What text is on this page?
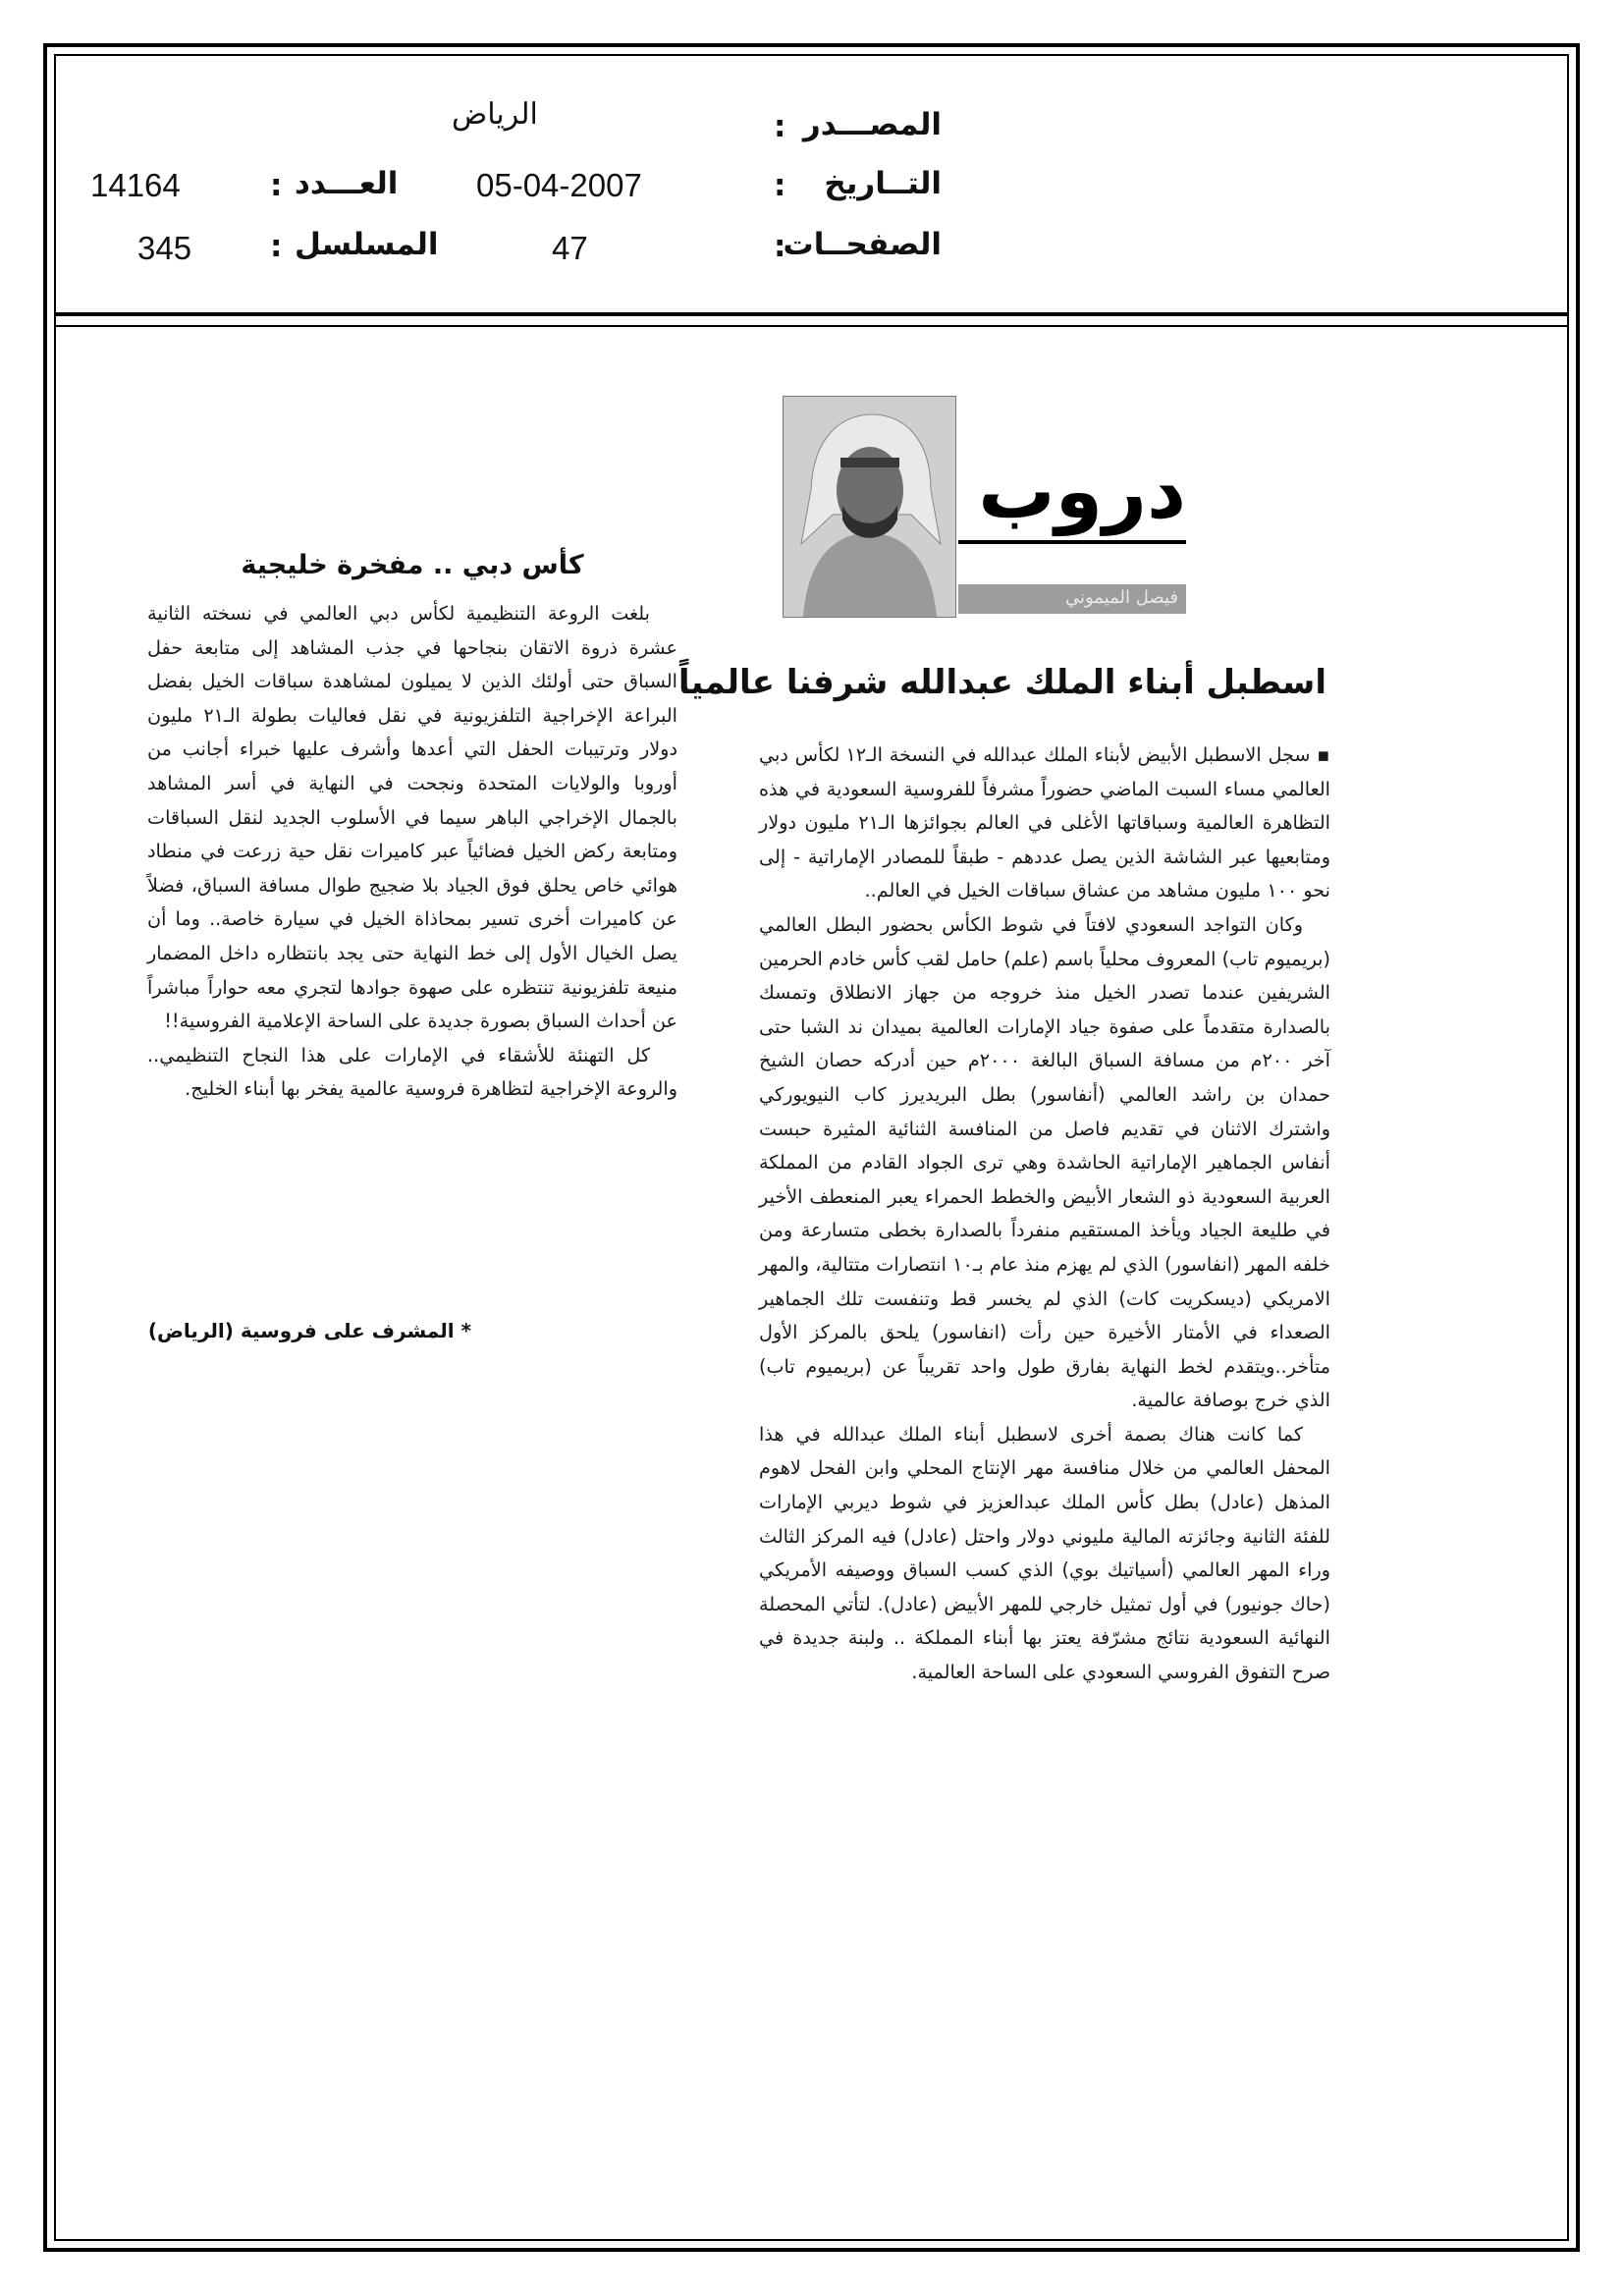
المصـــدر
:
الرياض
التــاريخ
:
05-04-2007
الصفحــات
:
47
العـــدد
:
14164
المسلسل
:
345
دروب
فيصل الميموني
اسطبل أبناء الملك عبدالله شرفنا عالمياً

▪ سجل الاسطبل الأبيض لأبناء الملك عبدالله في النسخة الـ١٢ لكأس دبي العالمي مساء السبت الماضي حضوراً مشرفاً للفروسية السعودية في هذه التظاهرة العالمية وسباقاتها الأغلى في العالم بجوائزها الـ٢١ مليون دولار ومتابعيها عبر الشاشة الذين يصل عددهم - طبقاً للمصادر الإماراتية - إلى نحو ١٠٠ مليون مشاهد من عشاق سباقات الخيل في العالم..

وكان التواجد السعودي لافتاً في شوط الكأس بحضور البطل العالمي (بريميوم تاب) المعروف محلياً باسم (علم) حامل لقب كأس خادم الحرمين الشريفين عندما تصدر الخيل منذ خروجه من جهاز الانطلاق وتمسك بالصدارة متقدماً على صفوة جياد الإمارات العالمية بميدان ند الشبا حتى آخر ٢٠٠م من مسافة السباق البالغة ٢٠٠٠م حين أدركه حصان الشيخ حمدان بن راشد العالمي (أنفاسور) بطل البريديرز كاب النيويوركي واشترك الاثنان في تقديم فاصل من المنافسة الثنائية المثيرة حبست أنفاس الجماهير الإماراتية الحاشدة وهي ترى الجواد القادم من المملكة العربية السعودية ذو الشعار الأبيض والخطط الحمراء يعبر المنعطف الأخير في طليعة الجياد ويأخذ المستقيم منفرداً بالصدارة بخطى متسارعة ومن خلفه المهر (انفاسور) الذي لم يهزم منذ عام بـ١٠ انتصارات متتالية، والمهر الامريكي (ديسكريت كات) الذي لم يخسر قط وتنفست تلك الجماهير الصعداء في الأمتار الأخيرة حين رأت (انفاسور) يلحق بالمركز الأول متأخر..ويتقدم لخط النهاية بفارق طول واحد تقريباً عن (بريميوم تاب) الذي خرج بوصافة عالمية.

كما كانت هناك بصمة أخرى لاسطبل أبناء الملك عبدالله في هذا المحفل العالمي من خلال منافسة مهر الإنتاج المحلي وابن الفحل لاهوم المذهل (عادل) بطل كأس الملك عبدالعزيز في شوط ديربي الإمارات للفئة الثانية وجائزته المالية مليوني دولار واحتل (عادل) فيه المركز الثالث وراء المهر العالمي (أسياتيك بوي) الذي كسب السباق ووصيفه الأمريكي (حاك جونيور) في أول تمثيل خارجي للمهر الأبيض (عادل). لتأتي المحصلة النهائية السعودية نتائج مشرّفة يعتز بها أبناء المملكة .. ولبنة جديدة في صرح التفوق الفروسي السعودي على الساحة العالمية.

كأس دبي .. مفخرة خليجية

بلغت الروعة التنظيمية لكأس دبي العالمي في نسخته الثانية عشرة ذروة الاتقان بنجاحها في جذب المشاهد إلى متابعة حفل السباق حتى أولئك الذين لا يميلون لمشاهدة سباقات الخيل بفضل البراعة الإخراجية التلفزيونية في نقل فعاليات بطولة الـ٢١ مليون دولار وترتيبات الحفل التي أعدها وأشرف عليها خبراء أجانب من أوروبا والولايات المتحدة ونجحت في النهاية في أسر المشاهد بالجمال الإخراجي الباهر سيما في الأسلوب الجديد لنقل السباقات ومتابعة ركض الخيل فضائياً عبر كاميرات نقل حية زرعت في منطاد هوائي خاص يحلق فوق الجياد بلا ضجيج طوال مسافة السباق، فضلاً عن كاميرات أخرى تسير بمحاذاة الخيل في سيارة خاصة.. وما أن يصل الخيال الأول إلى خط النهاية حتى يجد بانتظاره داخل المضمار منيعة تلفزيونية تنتظره على صهوة جوادها لتجري معه حواراً مباشراً عن أحداث السباق بصورة جديدة على الساحة الإعلامية الفروسية!!

كل التهنئة للأشقاء في الإمارات على هذا النجاح التنظيمي.. والروعة الإخراجية لتظاهرة فروسية عالمية يفخر بها أبناء الخليج.

* المشرف على فروسية (الرياض)
